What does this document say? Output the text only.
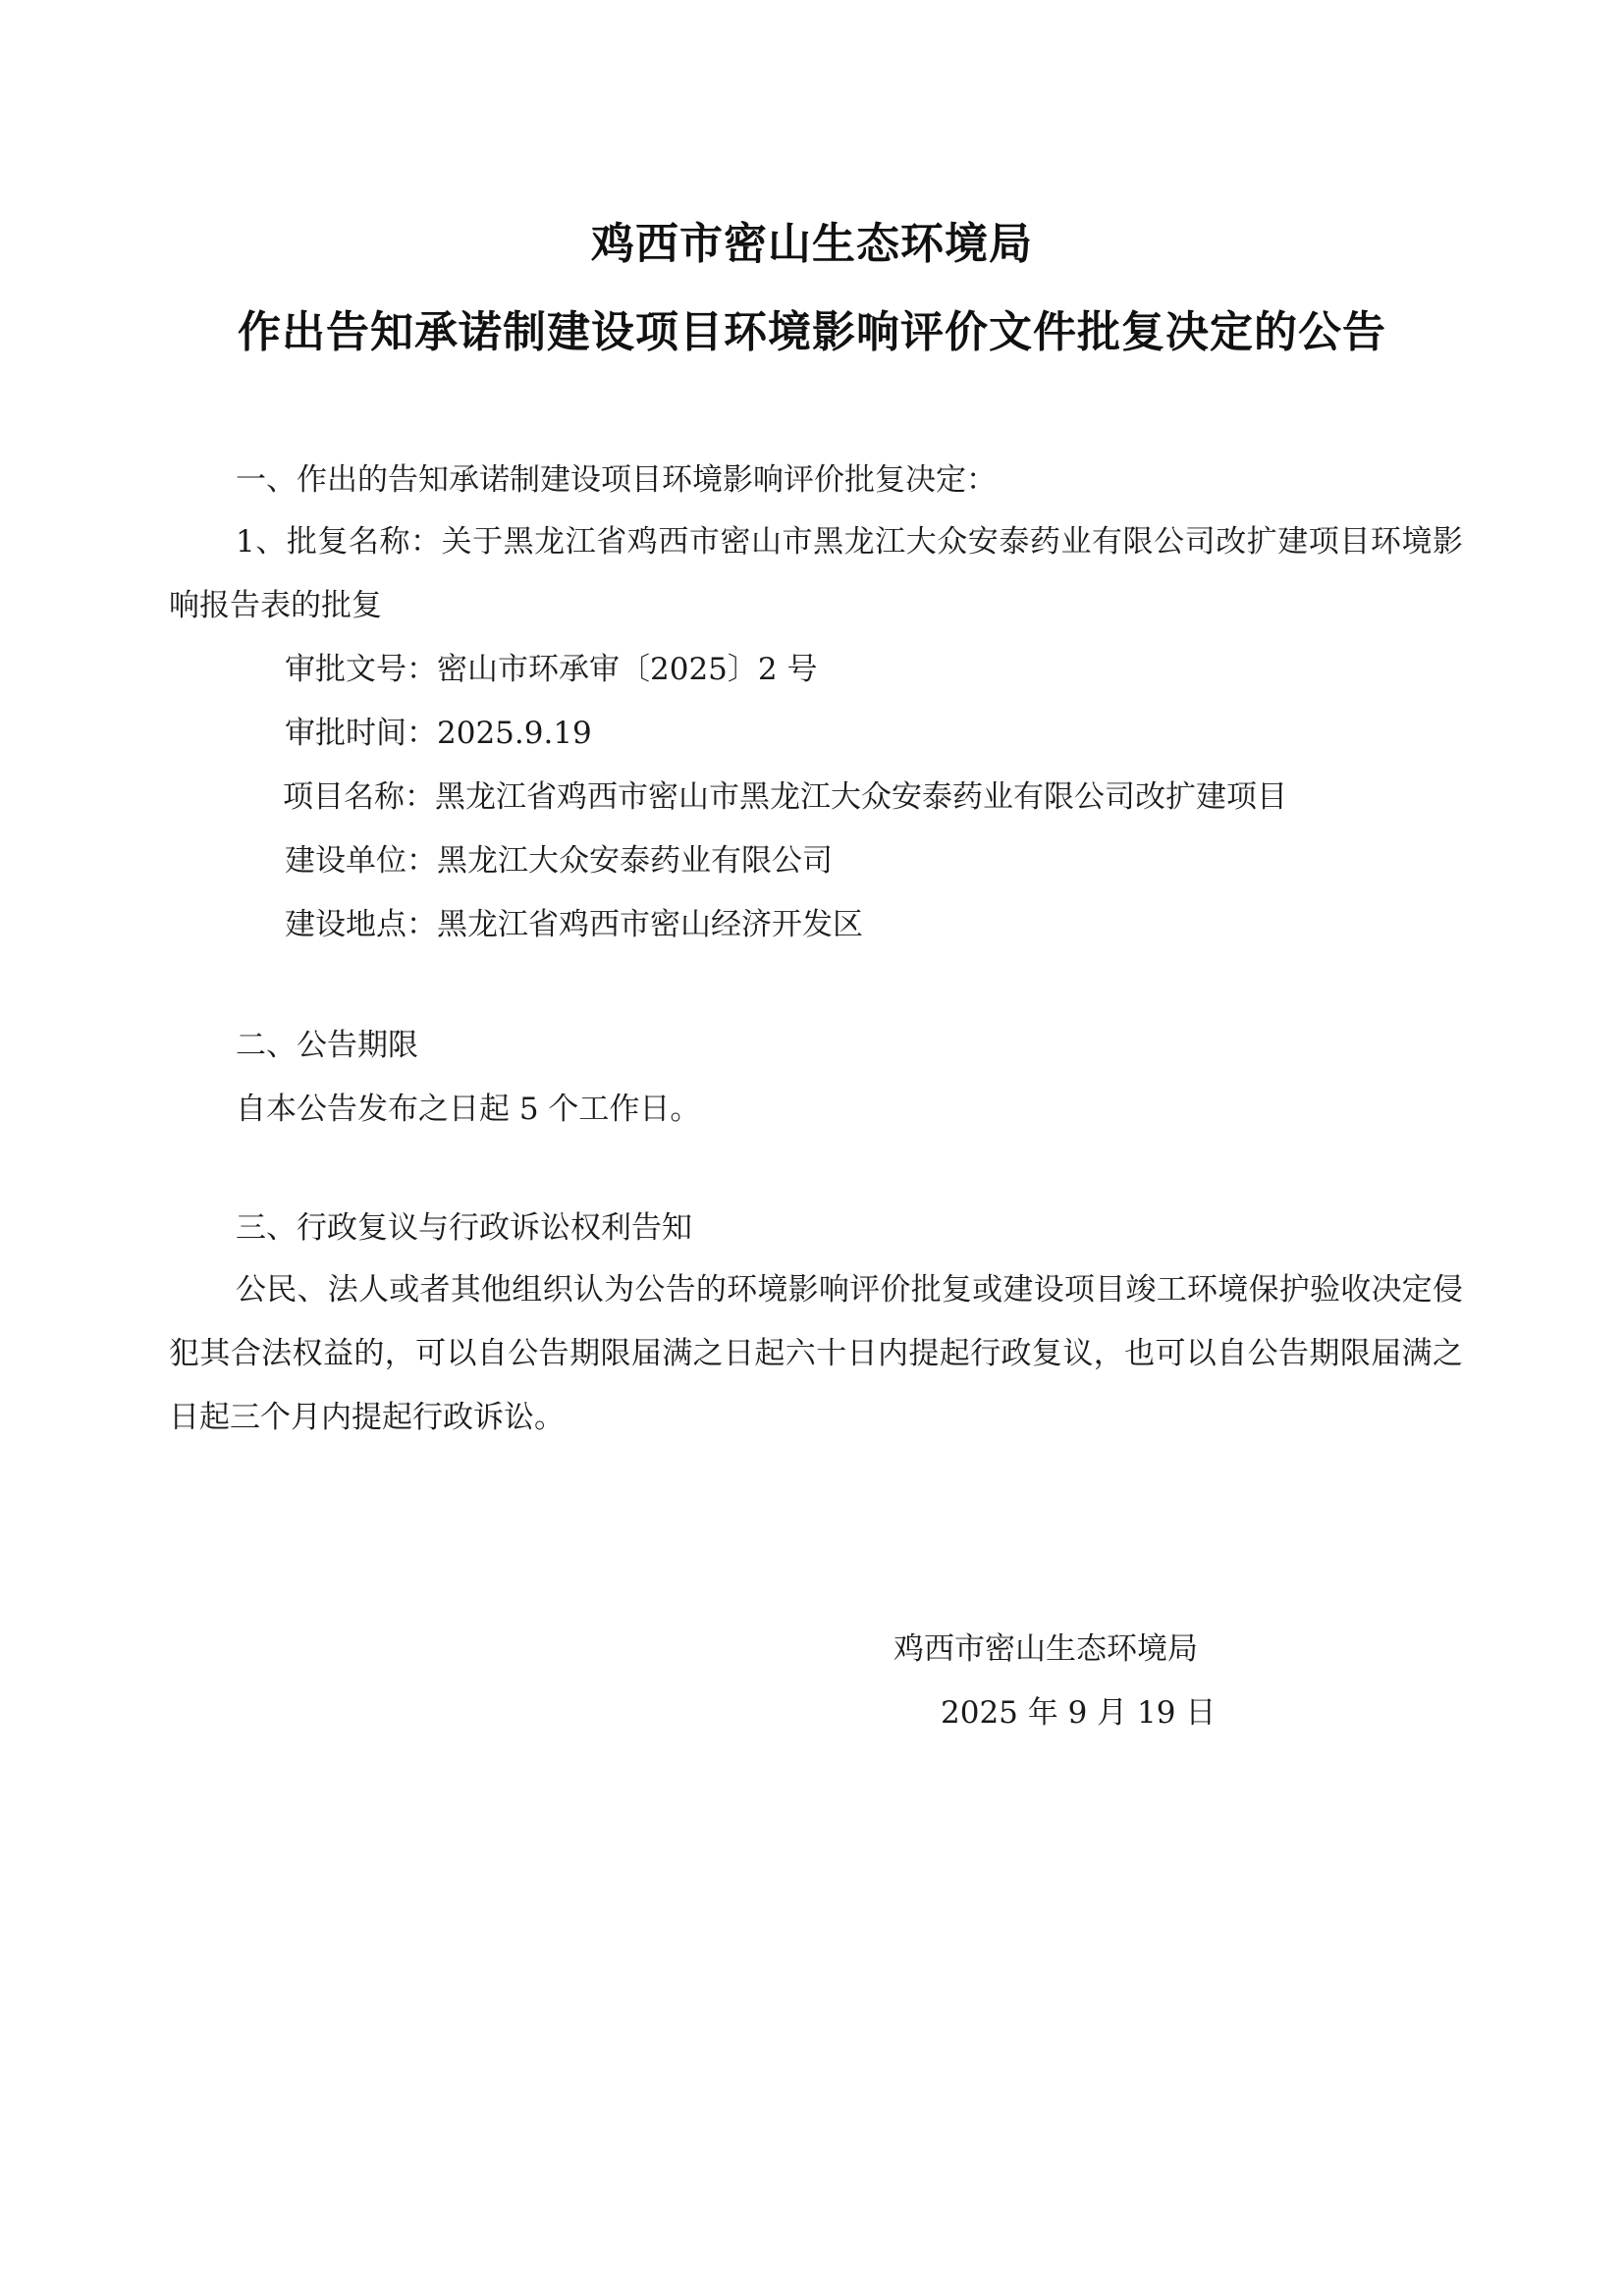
鸡西市密山生态环境局
作出告知承诺制建设项目环境影响评价文件批复决定的公告
一、作出的告知承诺制建设项目环境影响评价批复决定：
1、批复名称：关于黑龙江省鸡西市密山市黑龙江大众安泰药业有限公司改扩建项目环境影响报告表的批复
审批文号：密山市环承审〔2025〕2 号
审批时间：2025.9.19
项目名称：黑龙江省鸡西市密山市黑龙江大众安泰药业有限公司改扩建项目
建设单位：黑龙江大众安泰药业有限公司
建设地点：黑龙江省鸡西市密山经济开发区
二、公告期限
自本公告发布之日起 5 个工作日。
三、行政复议与行政诉讼权利告知
公民、法人或者其他组织认为公告的环境影响评价批复或建设项目竣工环境保护验收决定侵犯其合法权益的，可以自公告期限届满之日起六十日内提起行政复议，也可以自公告期限届满之日起三个月内提起行政诉讼。
鸡西市密山生态环境局
2025 年 9 月 19 日
